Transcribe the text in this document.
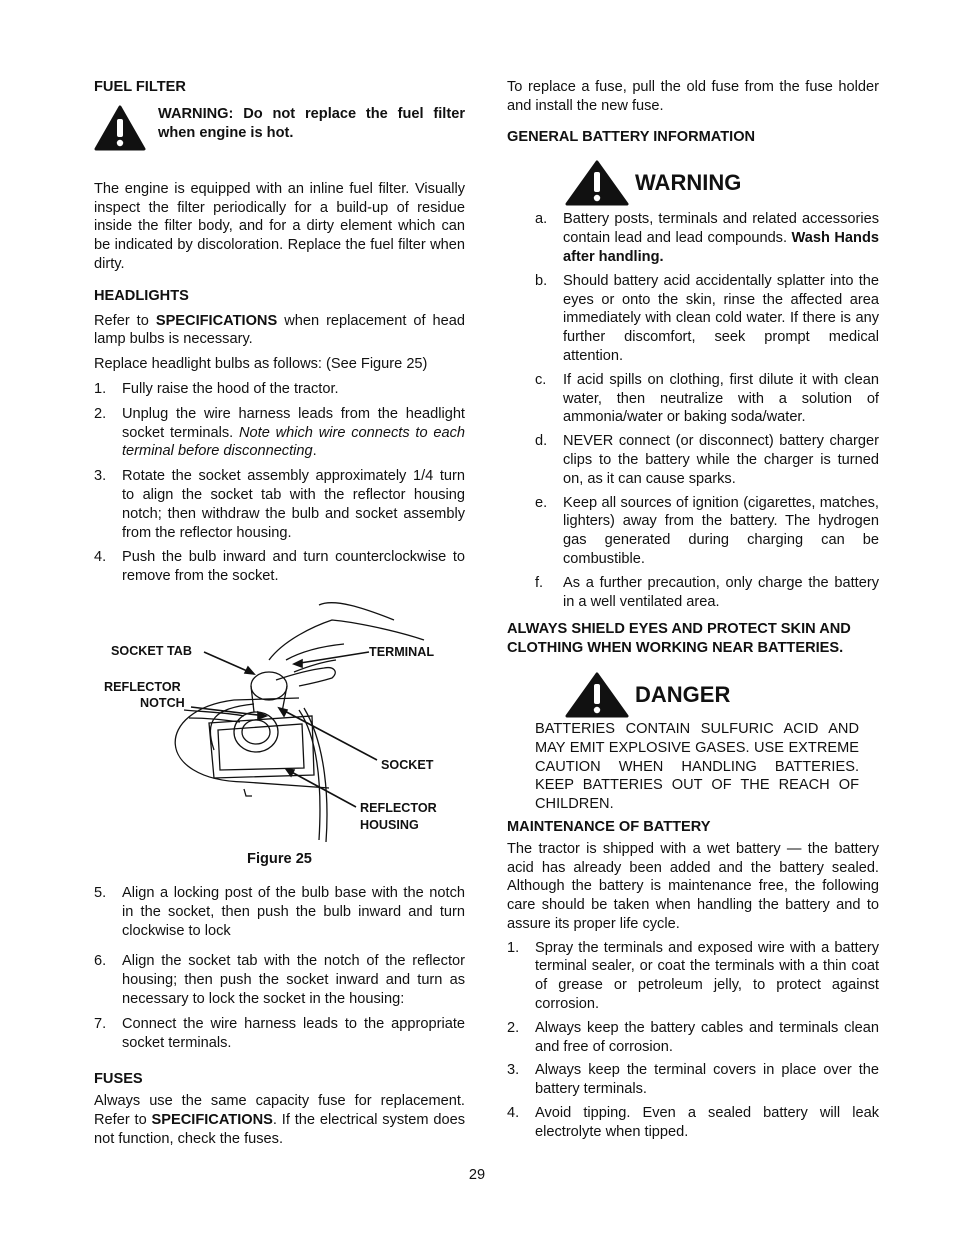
FUEL FILTER

WARNING: Do not replace the fuel filter when engine is hot.

The engine is equipped with an inline fuel filter. Visually inspect the filter periodically for a build-up of residue inside the filter body, and for a dirty element which can be indicated by discoloration. Replace the fuel filter when dirty.

HEADLIGHTS

Refer to SPECIFICATIONS when replacement of head lamp bulbs is necessary.

Replace headlight bulbs as follows: (See Figure 25)

1. Fully raise the hood of the tractor.
2. Unplug the wire harness leads from the headlight socket terminals. Note which wire connects to each terminal before disconnecting.
3. Rotate the socket assembly approximately 1/4 turn to align the socket tab with the reflector housing notch; then withdraw the bulb and socket assembly from the reflector housing.
4. Push the bulb inward and turn counterclockwise to remove from the socket.
SOCKET TAB	TERMINAL
REFLECTOR
NOTCH
SOCKET
REFLECTOR
HOUSING
Figure 25
5. Align a locking post of the bulb base with the notch in the socket, then push the bulb inward and turn clockwise to lock
6. Align the socket tab with the notch of the reflector housing; then push the socket inward and turn as necessary to lock the socket in the housing:
7. Connect the wire harness leads to the appropriate socket terminals.

FUSES

Always use the same capacity fuse for replacement. Refer to SPECIFICATIONS. If the electrical system does not function, check the fuses.

To replace a fuse, pull the old fuse from the fuse holder and install the new fuse.

GENERAL BATTERY INFORMATION

WARNING
a. Battery posts, terminals and related accessories contain lead and lead compounds. Wash Hands after handling.
b. Should battery acid accidentally splatter into the eyes or onto the skin, rinse the affected area immediately with clean cold water. If there is any further discomfort, seek prompt medical attention.
c. If acid spills on clothing, first dilute it with clean water, then neutralize with a solution of ammonia/water or baking soda/water.
d. NEVER connect (or disconnect) battery charger clips to the battery while the charger is turned on, as it can cause sparks.
e. Keep all sources of ignition (cigarettes, matches, lighters) away from the battery. The hydrogen gas generated during charging can be combustible.
f. As a further precaution, only charge the battery in a well ventilated area.

ALWAYS SHIELD EYES AND PROTECT SKIN AND CLOTHING WHEN WORKING NEAR BATTERIES.

DANGER

BATTERIES CONTAIN SULFURIC ACID AND MAY EMIT EXPLOSIVE GASES. USE EXTREME CAUTION WHEN HANDLING BATTERIES. KEEP BATTERIES OUT OF THE REACH OF CHILDREN.

MAINTENANCE OF BATTERY

The tractor is shipped with a wet battery — the battery acid has already been added and the battery sealed. Although the battery is maintenance free, the following care should be taken when handling the battery and to assure its proper life cycle.

1. Spray the terminals and exposed wire with a battery terminal sealer, or coat the terminals with a thin coat of grease or petroleum jelly, to protect against corrosion.
2. Always keep the battery cables and terminals clean and free of corrosion.
3. Always keep the terminal covers in place over the battery terminals.
4. Avoid tipping. Even a sealed battery will leak electrolyte when tipped.
29
